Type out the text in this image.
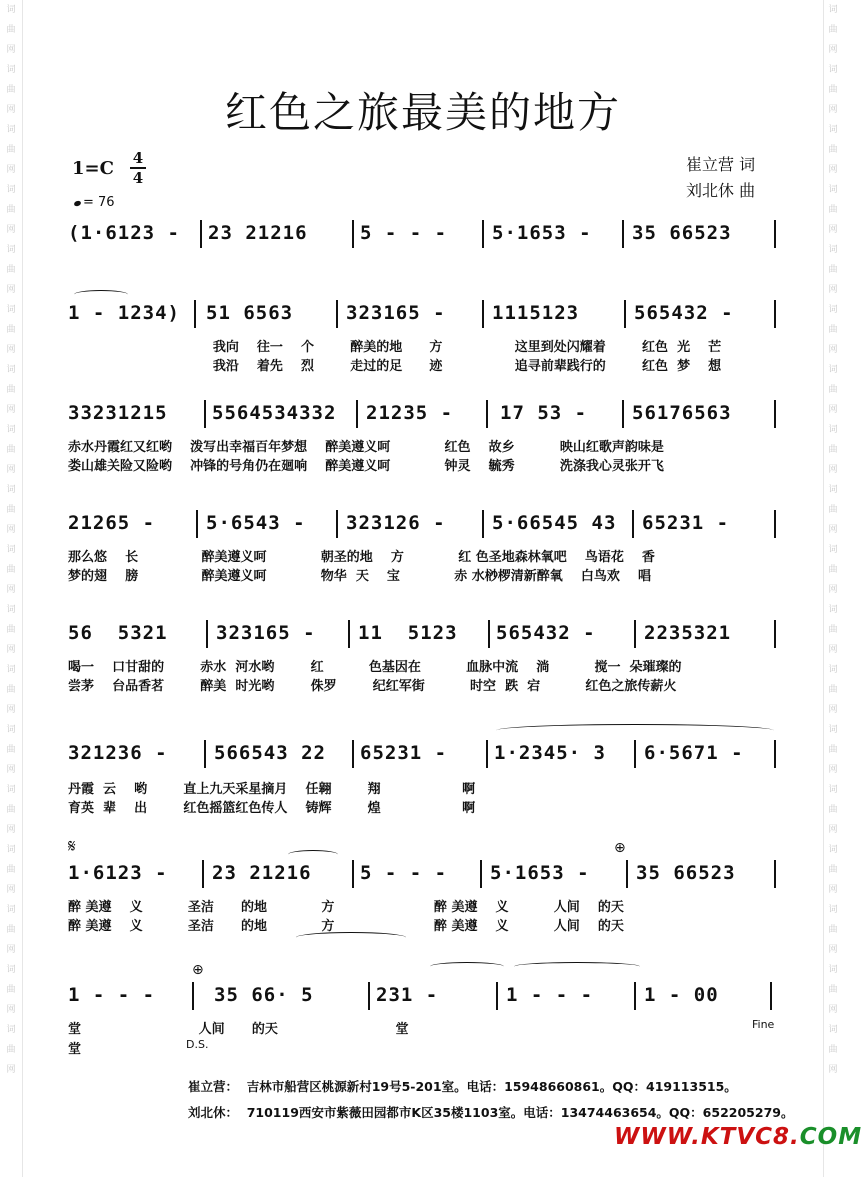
词曲网词曲网词曲网词曲网词曲网词曲网词曲网词曲网词曲网词曲网词曲网词曲网词曲网词曲网词曲网词曲网词曲网词曲网
词曲网词曲网词曲网词曲网词曲网词曲网词曲网词曲网词曲网词曲网词曲网词曲网词曲网词曲网词曲网词曲网词曲网词曲网
红色之旅最美的地方
1=C	4
4
= 76
崔立营 词
刘北休 曲
(1·6123 - 23 21216	5 - - - 5·1653 - 35 66523
1 - 1234) 51 6563	323165 - 1115123	565432 -
33231215 5564534332 21235 - 17 53 - 56176563
21265 -	5·6543 - 323126 - 5·66545 43 65231 -
56  5321	323165 - 11  5123 565432 -	2235321
321236 - 566543 22 65231 - 1·2345· 3 6·5671 -
1·6123 - 23 21216	5 - - - 5·1653 - 35 66523
1 - - -	35 66· 5	231 -	1 - - -	1 - 00
我向    往一    个        醉美的地      方                这里到处闪耀着        红色  光    芒
我沿    着先    烈        走过的足      迹                追寻前辈践行的        红色  梦    想
赤水丹霞红又红哟    泼写出幸福百年梦想    醉美遵义呵            红色    故乡          映山红歌声韵味是
娄山雄关险又险哟    冲锋的号角仍在廻响    醉美遵义呵            钟灵    毓秀          洗涤我心灵张开飞
那么悠    长              醉美遵义呵            朝圣的地    方            红 色圣地森林氧吧    鸟语花    香
梦的翅    膀              醉美遵义呵            物华  天    宝            赤 水桫椤清新醉氧    白鸟欢    唱
喝一    口甘甜的        赤水  河水哟        红          色基因在          血脉中流    淌          搅一  朵璀璨的
尝茅    台品香茗        醉美  时光哟        侏罗        纪红军街          时空  跌  宕          红色之旅传薪火
丹霞  云    哟        直上九天采星摘月    任翱        翔                  啊
育英  辈    出        红色摇篮红色传人    铸辉        煌                  啊
醉 美遵    义          圣洁      的地            方                      醉 美遵    义          人间    的天
醉 美遵    义          圣洁      的地            方                      醉 美遵    义          人间    的天
堂                          人间      的天                          堂
堂
𝄋	⊕
⊕
Fine
D.S.
崔立营：  吉林市船营区桃源新村19号5-201室。电话：15948660861。QQ：419113515。
刘北休：  710119西安市紫薇田园都市K区35楼1103室。电话：13474463654。QQ：652205279。
WWW.KTVC8.COM
